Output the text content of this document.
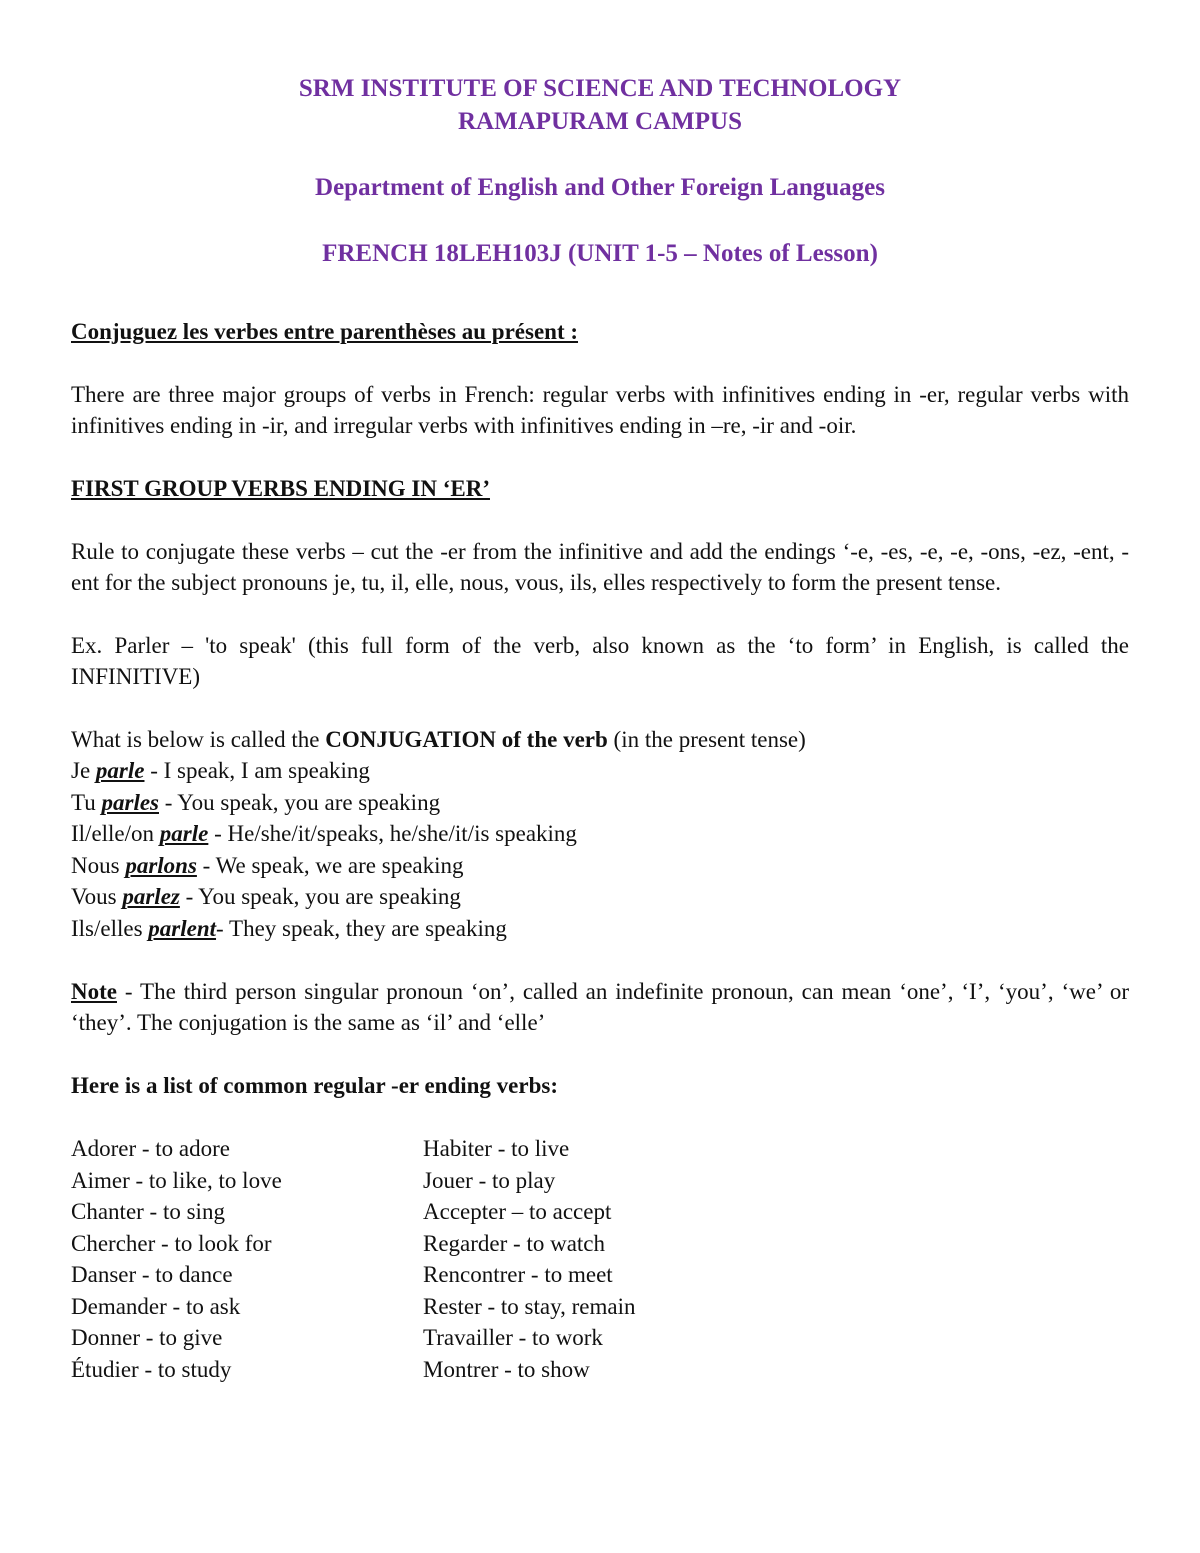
SRM INSTITUTE OF SCIENCE AND TECHNOLOGY

RAMAPURAM CAMPUS

Department of English and Other Foreign Languages

FRENCH 18LEH103J (UNIT 1-5 – Notes of Lesson)

Conjuguez les verbes entre parenthèses au présent :

There are three major groups of verbs in French: regular verbs with infinitives ending in -er, regular verbs with infinitives ending in -ir, and irregular verbs with infinitives ending in –re, -ir and -oir.

FIRST GROUP VERBS ENDING IN ‘ER’

Rule to conjugate these verbs – cut the -er from the infinitive and add the endings ‘-e, -es, -e, -e, -ons, -ez, -ent, -ent for the subject pronouns je, tu, il, elle, nous, vous, ils, elles respectively to form the present tense.

Ex. Parler – 'to speak' (this full form of the verb, also known as the ‘to form’ in English, is called the INFINITIVE)

What is below is called the CONJUGATION of the verb (in the present tense)

Je parle - I speak, I am speaking
Tu parles - You speak, you are speaking
Il/elle/on parle - He/she/it/speaks, he/she/it/is speaking
Nous parlons - We speak, we are speaking
Vous parlez - You speak, you are speaking
Ils/elles parlent- They speak, they are speaking

Note - The third person singular pronoun ‘on’, called an indefinite pronoun, can mean ‘one’, ‘I’, ‘you’, ‘we’ or ‘they’. The conjugation is the same as ‘il’ and ‘elle’

Here is a list of common regular -er ending verbs:

Adorer - to adore
Aimer - to like, to love
Chanter - to sing
Chercher - to look for
Danser - to dance
Demander - to ask
Donner - to give
Étudier - to study
Habiter - to live
Jouer - to play
Accepter – to accept
Regarder - to watch
Rencontrer - to meet
Rester - to stay, remain
Travailler - to work
Montrer - to show
